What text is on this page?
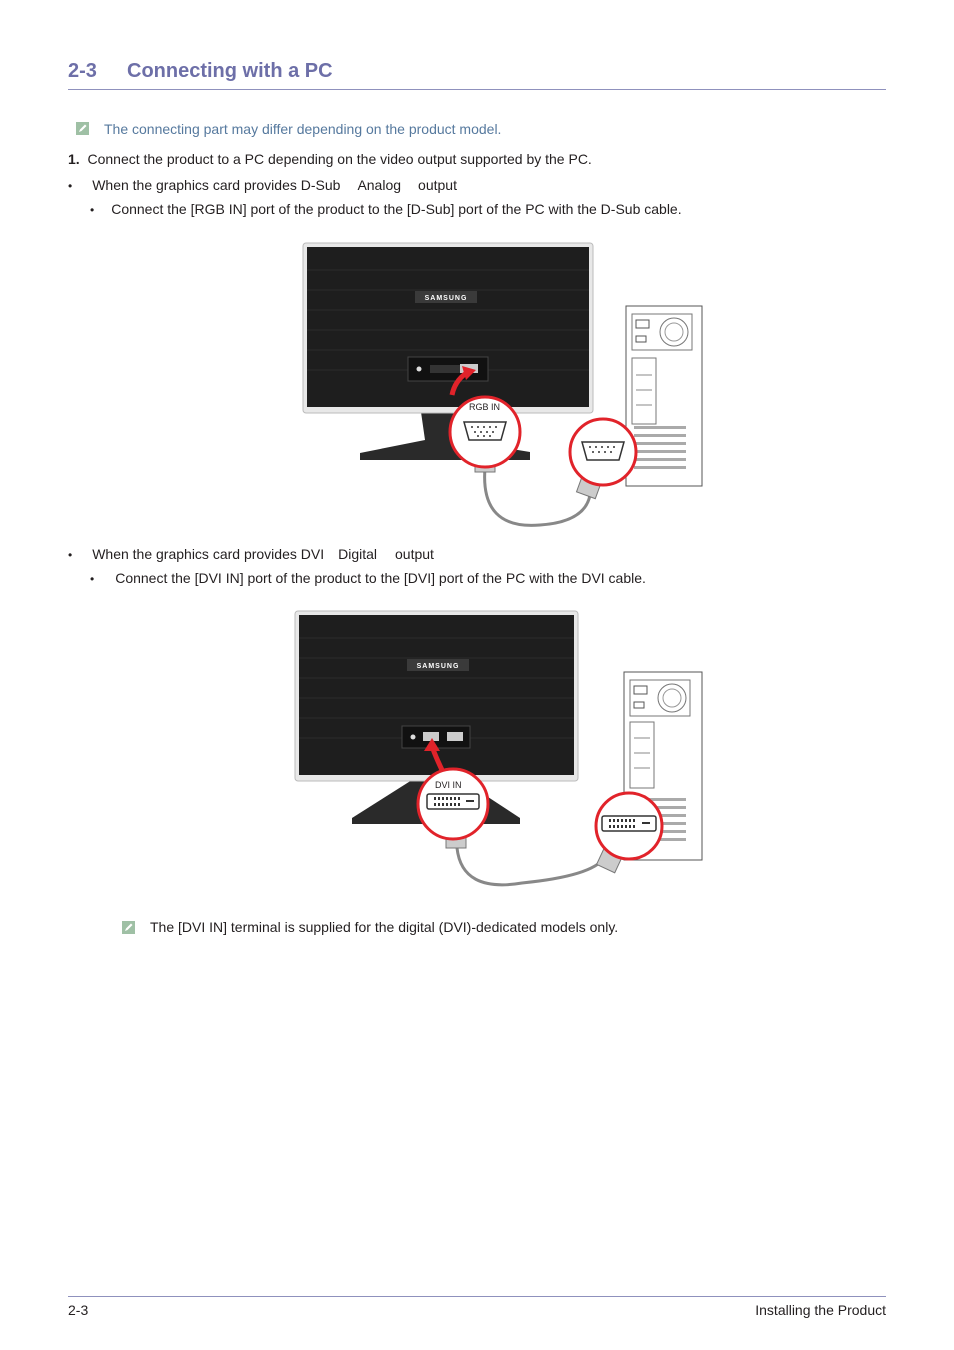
2-3 Connecting with a PC
The connecting part may differ depending on the product model.
1. Connect the product to a PC depending on the video output supported by the PC.
• When the graphics card provides D-Sub Analog output
• Connect the [RGB IN] port of the product to the [D-Sub] port of the PC with the D-Sub cable.
SAMSUNG
RGB IN
• When the graphics card provides DVI Digital output
• Connect the [DVI IN] port of the product to the [DVI] port of the PC with the DVI cable.
SAMSUNG
DVI IN
The [DVI IN] terminal is supplied for the digital (DVI)-dedicated models only.
2-3	Installing the Product
